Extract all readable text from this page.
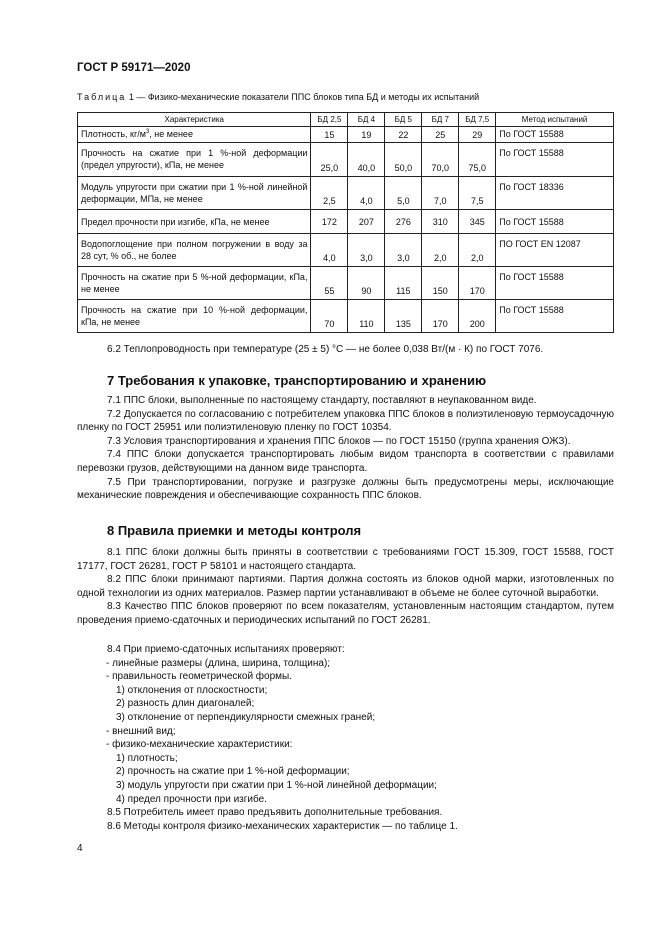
ГОСТ Р 59171—2020
Таблица 1 — Физико-механические показатели ППС блоков типа БД и методы их испытаний
Характеристика	БД 2,5	БД 4	БД 5	БД 7	БД 7,5	Метод испытаний
Плотность, $кг/м^3$, не менее	15	19	22	25	29	По ГОСТ 15588
Прочность на сжатие при 1 %-ной деформации (предел упругости), кПа, не менее	25,0	40,0	50,0	70,0	75,0	По ГОСТ 15588
Модуль упругости при сжатии при 1 %-ной линейной деформации, МПа, не менее	2,5	4,0	5,0	7,0	7,5	По ГОСТ 18336
Предел прочности при изгибе, кПа, не менее	172	207	276	310	345	По ГОСТ 15588
Водопоглощение при полном погружении в воду за 28 сут, % об., не более	4,0	3,0	3,0	2,0	2,0	ПО ГОСТ EN 12087
Прочность на сжатие при 5 %-ной деформации, кПа, не менее	55	90	115	150	170	По ГОСТ 15588
Прочность на сжатие при 10 %-ной деформации, кПа, не менее	70	110	135	170	200	По ГОСТ 15588
6.2 Теплопроводность при температуре (25 ± 5) °С — не более 0,038 Вт/(м · К) по ГОСТ 7076.
7 Требования к упаковке, транспортированию и хранению
7.1 ППС блоки, выполненные по настоящему стандарту, поставляют в неупакованном виде.
7.2 Допускается по согласованию с потребителем упаковка ППС блоков в полиэтиленовую термоусадочную пленку по ГОСТ 25951 или полиэтиленовую пленку по ГОСТ 10354.
7.3 Условия транспортирования и хранения ППС блоков — по ГОСТ 15150 (группа хранения ОЖЗ).
7.4 ППС блоки допускается транспортировать любым видом транспорта в соответствии с правилами перевозки грузов, действующими на данном виде транспорта.
7.5 При транспортировании, погрузке и разгрузке должны быть предусмотрены меры, исключающие механические повреждения и обеспечивающие сохранность ППС блоков.
8 Правила приемки и методы контроля
8.1 ППС блоки должны быть приняты в соответствии с требованиями ГОСТ 15.309, ГОСТ 15588, ГОСТ 17177, ГОСТ 26281, ГОСТ Р 58101 и настоящего стандарта.
8.2 ППС блоки принимают партиями. Партия должна состоять из блоков одной марки, изготовленных по одной технологии из одних материалов. Размер партии устанавливают в объеме не более суточной выработки.
8.3 Качество ППС блоков проверяют по всем показателям, установленным настоящим стандартом, путем проведения приемо-сдаточных и периодических испытаний по ГОСТ 26281.
8.4 При приемо-сдаточных испытаниях проверяют:
- линейные размеры (длина, ширина, толщина);
- правильность геометрической формы.
1) отклонения от плоскостности;
2) разность длин диагоналей;
3) отклонение от перпендикулярности смежных граней;
- внешний вид;
- физико-механические характеристики:
1) плотность;
2) прочность на сжатие при 1 %-ной деформации;
3) модуль упругости при сжатии при 1 %-ной линейной деформации;
4) предел прочности при изгибе.
8.5 Потребитель имеет право предъявить дополнительные требования.
8.6 Методы контроля физико-механических характеристик — по таблице 1.
4
